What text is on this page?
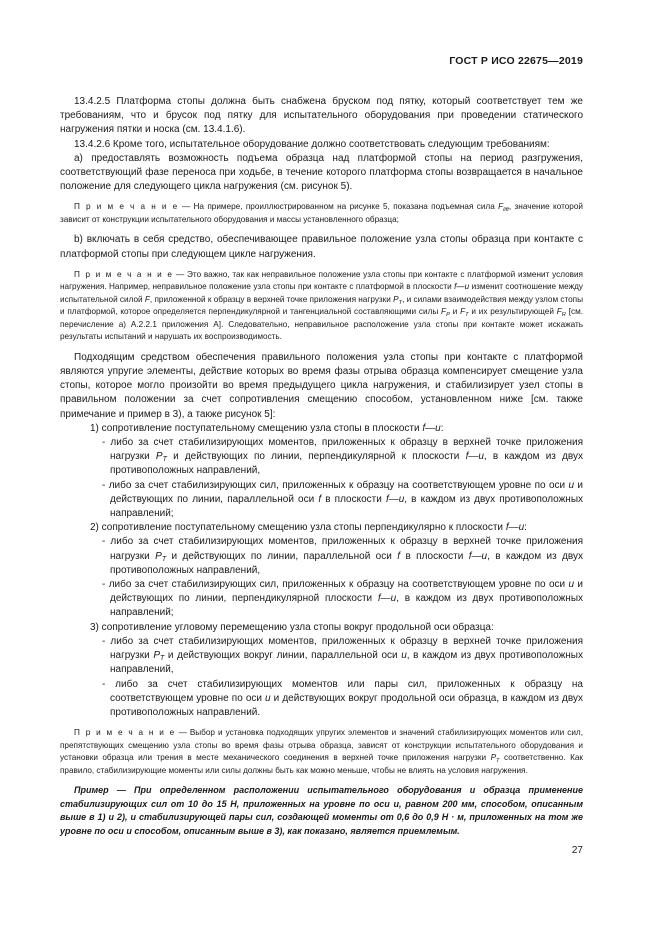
ГОСТ Р ИСО 22675—2019

13.4.2.5 Платформа стопы должна быть снабжена бруском под пятку, который соответствует тем же требованиям, что и брусок под пятку для испытательного оборудования при проведении статического нагружения пятки и носка (см. 13.4.1.6).

13.4.2.6 Кроме того, испытательное оборудование должно соответствовать следующим требованиям:

а) предоставлять возможность подъема образца над платформой стопы на период разгружения, соответствующий фазе переноса при ходьбе, в течение которого платформа стопы возвращается в начальное положение для следующего цикла нагружения (см. рисунок 5).

П р и м е ч а н и е — На примере, проиллюстрированном на рисунке 5, показана подъемная сила $F_{lift}$, значение которой зависит от конструкции испытательного оборудования и массы установленного образца;

b) включать в себя средство, обеспечивающее правильное положение узла стопы образца при контакте с платформой стопы при следующем цикле нагружения.

П р и м е ч а н и е — Это важно, так как неправильное положение узла стопы при контакте с платформой изменит условия нагружения. Например, неправильное положение узла стопы при контакте с платформой в плоскости f—u изменит соотношение между испытательной силой F, приложенной к образцу в верхней точке приложения нагрузки $P_T$, и силами взаимодействия между узлом стопы и платформой, которое определяется перпендикулярной и тангенциальной составляющими силы $F_P$ и $F_T$ и их результирующей $F_R$ [см. перечисление а) А.2.2.1 приложения А]. Следовательно, неправильное расположение узла стопы при контакте может искажать результаты испытаний и нарушать их воспроизводимость.

Подходящим средством обеспечения правильного положения узла стопы при контакте с платформой являются упругие элементы, действие которых во время фазы отрыва образца компенсирует смещение узла стопы, которое могло произойти во время предыдущего цикла нагружения, и стабилизирует узел стопы в правильном положении за счет сопротивления смещению способом, установленном ниже [см. также примечание и пример в 3), а также рисунок 5]:

1) сопротивление поступательному смещению узла стопы в плоскости f—u:

- либо за счет стабилизирующих моментов, приложенных к образцу в верхней точке приложения нагрузки $P_T$ и действующих по линии, перпендикулярной к плоскости f—u, в каждом из двух противоположных направлений,

- либо за счет стабилизирующих сил, приложенных к образцу на соответствующем уровне по оси u и действующих по линии, параллельной оси f в плоскости f—u, в каждом из двух противоположных направлений;

2) сопротивление поступательному смещению узла стопы перпендикулярно к плоскости f—u:

- либо за счет стабилизирующих моментов, приложенных к образцу в верхней точке приложения нагрузки $P_T$ и действующих по линии, параллельной оси f в плоскости f—u, в каждом из двух противоположных направлений,

- либо за счет стабилизирующих сил, приложенных к образцу на соответствующем уровне по оси u и действующих по линии, перпендикулярной плоскости f—u, в каждом из двух противоположных направлений;

3) сопротивление угловому перемещению узла стопы вокруг продольной оси образца:

- либо за счет стабилизирующих моментов, приложенных к образцу в верхней точке приложения нагрузки $P_T$ и действующих вокруг линии, параллельной оси u, в каждом из двух противоположных направлений,

- либо за счет стабилизирующих моментов или пары сил, приложенных к образцу на соответствующем уровне по оси u и действующих вокруг продольной оси образца, в каждом из двух противоположных направлений.

П р и м е ч а н и е — Выбор и установка подходящих упругих элементов и значений стабилизирующих моментов или сил, препятствующих смещению узла стопы во время фазы отрыва образца, зависят от конструкции испытательного оборудования и установки образца или трения в месте механического соединения в верхней точке приложения нагрузки $P_T$ соответственно. Как правило, стабилизирующие моменты или силы должны быть как можно меньше, чтобы не влиять на условия нагружения.

Пример — При определенном расположении испытательного оборудования и образца применение стабилизирующих сил от 10 до 15 Н, приложенных на уровне по оси u, равном 200 мм, способом, описанным выше в 1) и 2), и стабилизирующей пары сил, создающей моменты от 0,6 до 0,9 Н · м, приложенных на том же уровне по оси и способом, описанным выше в 3), как показано, является приемлемым.

27
